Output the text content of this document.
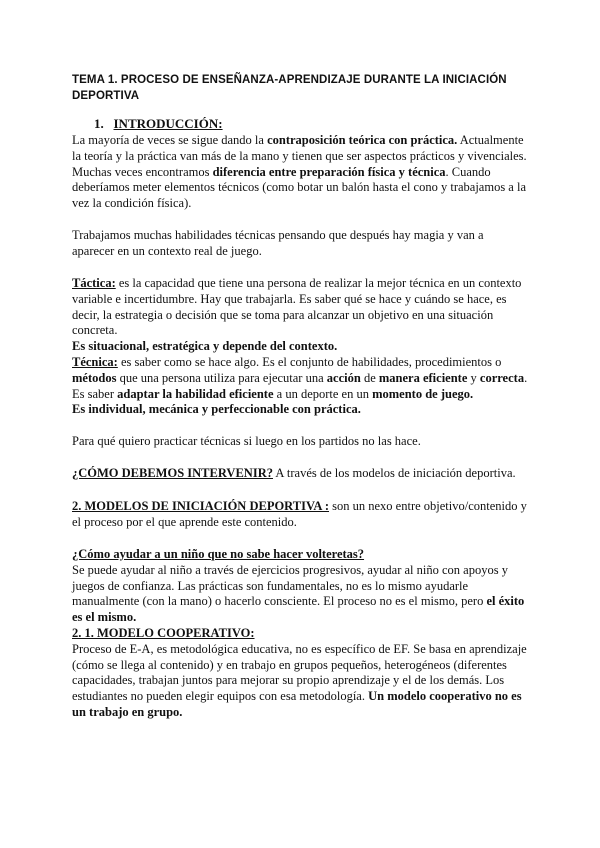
TEMA 1. PROCESO DE ENSEÑANZA-APRENDIZAJE DURANTE LA INICIACIÓN DEPORTIVA
1. INTRODUCCIÓN:

La mayoría de veces se sigue dando la contraposición teórica con práctica. Actualmente la teoría y la práctica van más de la mano y tienen que ser aspectos prácticos y vivenciales. Muchas veces encontramos diferencia entre preparación física y técnica. Cuando deberíamos meter elementos técnicos (como botar un balón hasta el cono y trabajamos a la vez la condición física).

Trabajamos muchas habilidades técnicas pensando que después hay magia y van a aparecer en un contexto real de juego.

Táctica: es la capacidad que tiene una persona de realizar la mejor técnica en un contexto variable e incertidumbre. Hay que trabajarla. Es saber qué se hace y cuándo se hace, es decir, la estrategia o decisión que se toma para alcanzar un objetivo en una situación concreta.

Es situacional, estratégica y depende del contexto.

Técnica: es saber como se hace algo. Es el conjunto de habilidades, procedimientos o métodos que una persona utiliza para ejecutar una acción de manera eficiente y correcta. Es saber adaptar la habilidad eficiente a un deporte en un momento de juego.

Es individual, mecánica y perfeccionable con práctica.

Para qué quiero practicar técnicas si luego en los partidos no las hace.

¿CÓMO DEBEMOS INTERVENIR? A través de los modelos de iniciación deportiva.

2. MODELOS DE INICIACIÓN DEPORTIVA : son un nexo entre objetivo/contenido y el proceso por el que aprende este contenido.

¿Cómo ayudar a un niño que no sabe hacer volteretas?

Se puede ayudar al niño a través de ejercicios progresivos, ayudar al niño con apoyos y juegos de confianza. Las prácticas son fundamentales, no es lo mismo ayudarle manualmente (con la mano) o hacerlo consciente. El proceso no es el mismo, pero el éxito es el mismo.

2. 1. MODELO COOPERATIVO:

Proceso de E-A, es metodológica educativa, no es específico de EF. Se basa en aprendizaje (cómo se llega al contenido) y en trabajo en grupos pequeños, heterogéneos (diferentes capacidades, trabajan juntos para mejorar su propio aprendizaje y el de los demás. Los estudiantes no pueden elegir equipos con esa metodología. Un modelo cooperativo no es un trabajo en grupo.
